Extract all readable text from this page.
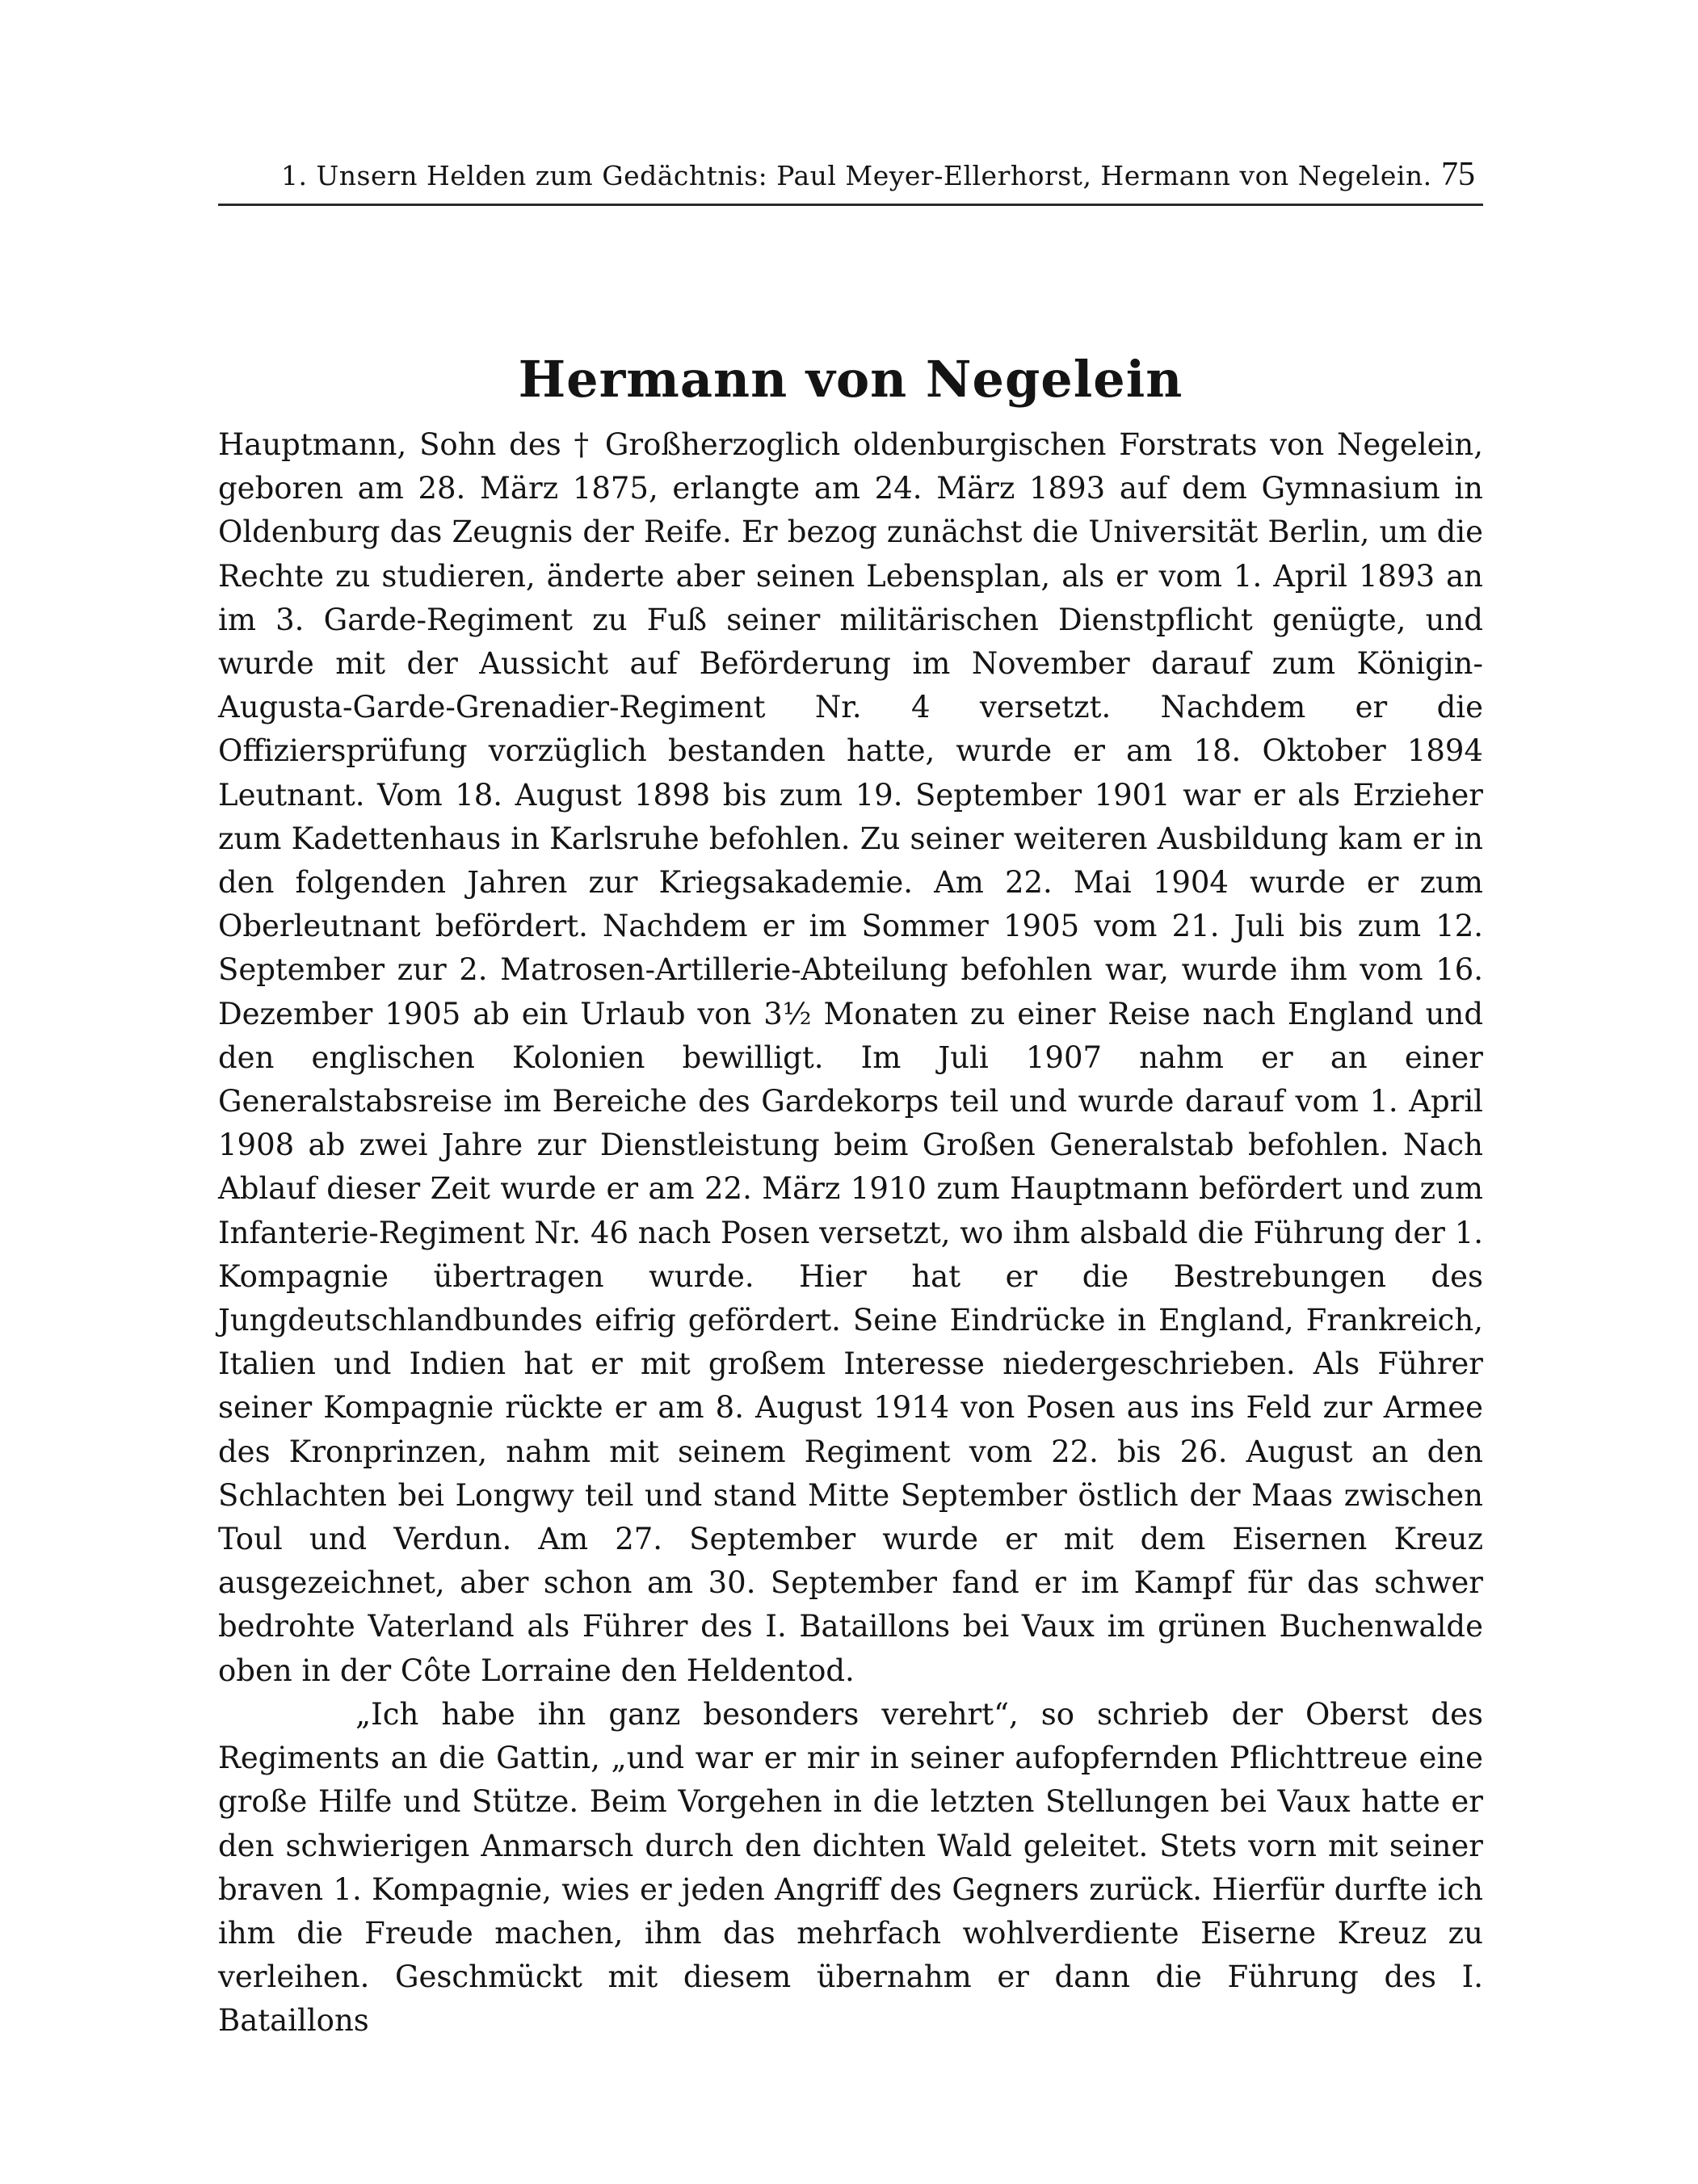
1. Unsern Helden zum Gedächtnis: Paul Meyer-Ellerhorst, Hermann von Negelein. 75
Hermann von Negelein

Hauptmann, Sohn des † Großherzoglich oldenburgischen Forstrats von Negelein, geboren am 28. März 1875, erlangte am 24. März 1893 auf dem Gymnasium in Oldenburg das Zeugnis der Reife. Er bezog zunächst die Universität Berlin, um die Rechte zu studieren, änderte aber seinen Lebensplan, als er vom 1. April 1893 an im 3. Garde-Regiment zu Fuß seiner militärischen Dienstpflicht genügte, und wurde mit der Aussicht auf Beförderung im November darauf zum Königin-Augusta-Garde-Grenadier-Regiment Nr. 4 versetzt. Nachdem er die Offiziersprüfung vorzüglich bestanden hatte, wurde er am 18. Oktober 1894 Leutnant. Vom 18. August 1898 bis zum 19. September 1901 war er als Erzieher zum Kadettenhaus in Karlsruhe befohlen. Zu seiner weiteren Ausbildung kam er in den folgenden Jahren zur Kriegsakademie. Am 22. Mai 1904 wurde er zum Oberleutnant befördert. Nachdem er im Sommer 1905 vom 21. Juli bis zum 12. September zur 2. Matrosen-Artillerie-Abteilung befohlen war, wurde ihm vom 16. Dezember 1905 ab ein Urlaub von 3½ Monaten zu einer Reise nach England und den englischen Kolonien bewilligt. Im Juli 1907 nahm er an einer Generalstabsreise im Bereiche des Gardekorps teil und wurde darauf vom 1. April 1908 ab zwei Jahre zur Dienstleistung beim Großen Generalstab befohlen. Nach Ablauf dieser Zeit wurde er am 22. März 1910 zum Hauptmann befördert und zum Infanterie-Regiment Nr. 46 nach Posen versetzt, wo ihm alsbald die Führung der 1. Kompagnie übertragen wurde. Hier hat er die Bestrebungen des Jungdeutschlandbundes eifrig gefördert. Seine Eindrücke in England, Frankreich, Italien und Indien hat er mit großem Interesse niedergeschrieben. Als Führer seiner Kompagnie rückte er am 8. August 1914 von Posen aus ins Feld zur Armee des Kronprinzen, nahm mit seinem Regiment vom 22. bis 26. August an den Schlachten bei Longwy teil und stand Mitte September östlich der Maas zwischen Toul und Verdun. Am 27. September wurde er mit dem Eisernen Kreuz ausgezeichnet, aber schon am 30. September fand er im Kampf für das schwer bedrohte Vaterland als Führer des I. Bataillons bei Vaux im grünen Buchenwalde oben in der Côte Lorraine den Heldentod.

„Ich habe ihn ganz besonders verehrt“, so schrieb der Oberst des Regiments an die Gattin, „und war er mir in seiner aufopfernden Pflichttreue eine große Hilfe und Stütze. Beim Vorgehen in die letzten Stellungen bei Vaux hatte er den schwierigen Anmarsch durch den dichten Wald geleitet. Stets vorn mit seiner braven 1. Kompagnie, wies er jeden Angriff des Gegners zurück. Hierfür durfte ich ihm die Freude machen, ihm das mehrfach wohlverdiente Eiserne Kreuz zu verleihen. Geschmückt mit diesem übernahm er dann die Führung des I. Bataillons
